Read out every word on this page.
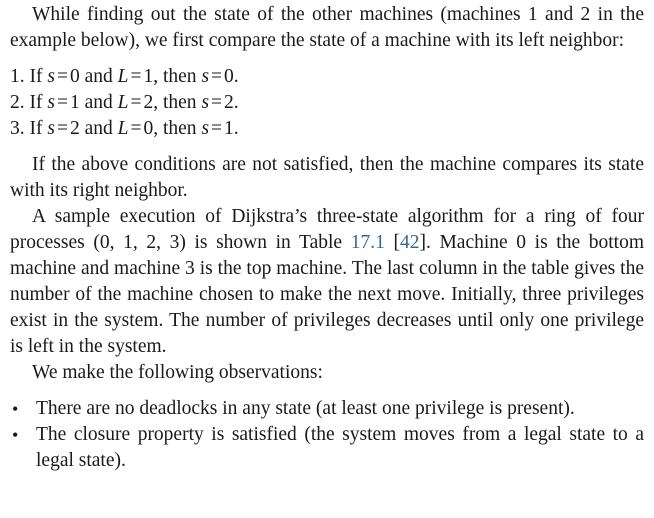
While finding out the state of the other machines (machines 1 and 2 in the example below), we first compare the state of a machine with its left neighbor:

1. If s = 0 and L = 1, then s = 0.
2. If s = 1 and L = 2, then s = 2.
3. If s = 2 and L = 0, then s = 1.

If the above conditions are not satisfied, then the machine compares its state with its right neighbor.

A sample execution of Dijkstra’s three-state algorithm for a ring of four processes (0, 1, 2, 3) is shown in Table 17.1 [42]. Machine 0 is the bottom machine and machine 3 is the top machine. The last column in the table gives the number of the machine chosen to make the next move. Initially, three privileges exist in the system. The number of privileges decreases until only one privilege is left in the system.

We make the following observations:

• There are no deadlocks in any state (at least one privilege is present).
• The closure property is satisfied (the system moves from a legal state to a legal state).
